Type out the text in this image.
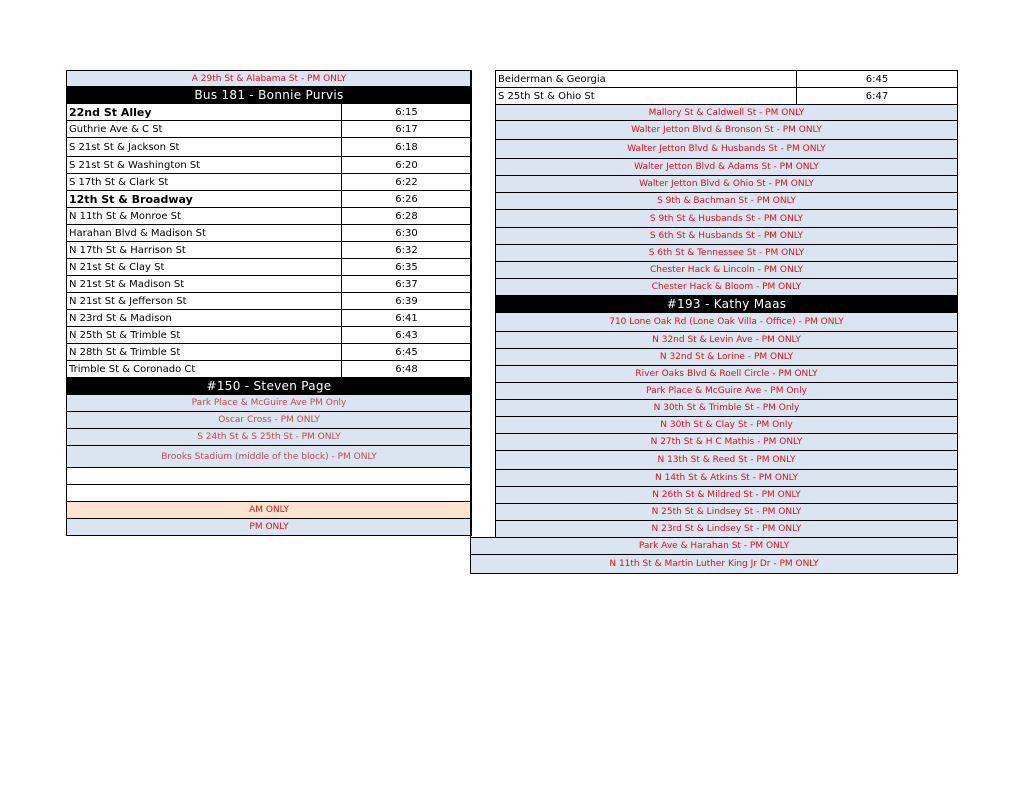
A 29th St & Alabama St - PM ONLY	
Bus 181 - Bonnie Purvis	
22nd St Alley	6:15
Guthrie Ave & C St	6:17
S 21st St & Jackson St	6:18
S 21st St & Washington St	6:20
S 17th St & Clark St	6:22
12th St & Broadway	6:26
N 11th St & Monroe St	6:28
Harahan Blvd & Madison St	6:30
N 17th St & Harrison St	6:32
N 21st St & Clay St	6:35
N 21st St & Madison St	6:37
N 21st St & Jefferson St	6:39
N 23rd St & Madison	6:41
N 25th St & Trimble St	6:43
N 28th St & Trimble St	6:45
Trimble St & Coronado Ct	6:48
#150 - Steven Page	
Park Place & McGuire Ave PM Only	
Oscar Cross - PM ONLY	
S 24th St & S 25th St - PM ONLY	
Brooks Stadium (middle of the block) - PM ONLY	

AM ONLY	
PM ONLY	
	Beiderman & Georgia	6:45
	S 25th St & Ohio St	6:47
	Mallory St & Caldwell St - PM ONLY	
	Walter Jetton Blvd & Bronson St - PM ONLY	
	Walter Jetton Blvd & Husbands St - PM ONLY	
	Walter Jetton Blvd & Adams St - PM ONLY	
	Walter Jetton Blvd & Ohio St - PM ONLY	
	S 9th & Bachman St - PM ONLY	
	S 9th St & Husbands St - PM ONLY	
	S 6th St & Husbands St - PM ONLY	
	S 6th St & Tennessee St - PM ONLY	
	Chester Hack & Lincoln - PM ONLY	
	Chester Hack & Bloom - PM ONLY	
	#193 - Kathy Maas	
	710 Lone Oak Rd (Lone Oak Villa - Office) - PM ONLY	
	N 32nd St & Levin Ave - PM ONLY	
	N 32nd St & Lorine - PM ONLY	
	River Oaks Blvd & Roell Circle - PM ONLY	
	Park Place & McGuire Ave - PM Only	
	N 30th St & Trimble St - PM Only	
	N 30th St & Clay St - PM Only	
	N 27th St & H C Mathis - PM ONLY	
	N 13th St & Reed St - PM ONLY	
	N 14th St & Atkins St - PM ONLY	
	N 26th St & Mildred St - PM ONLY	
	N 25th St & Lindsey St - PM ONLY	
	N 23rd St & Lindsey St - PM ONLY	
Park Ave & Harahan St - PM ONLY		
N 11th St & Martin Luther King Jr Dr - PM ONLY		
